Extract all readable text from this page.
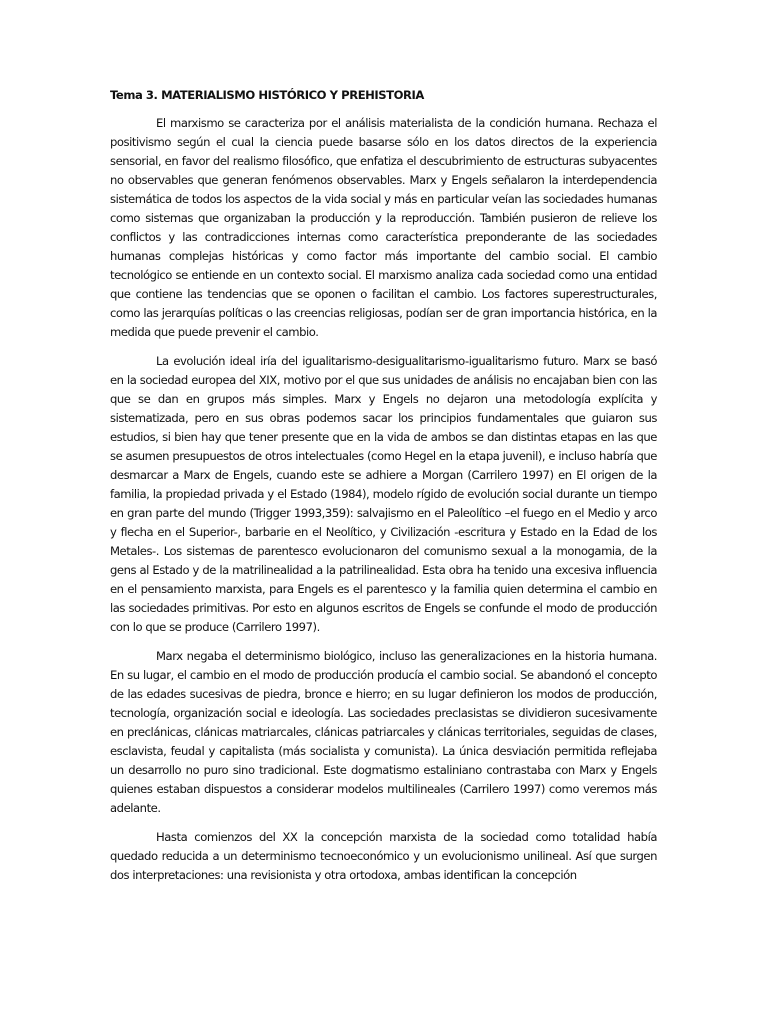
Tema 3. MATERIALISMO HISTÓRICO Y PREHISTORIA

El marxismo se caracteriza por el análisis materialista de la condición humana. Rechaza el positivismo según el cual la ciencia puede basarse sólo en los datos directos de la experiencia sensorial, en favor del realismo filosófico, que enfatiza el descubrimiento de estructuras subyacentes no observables que generan fenómenos observables. Marx y Engels señalaron la interdependencia sistemática de todos los aspectos de la vida social y más en particular veían las sociedades humanas como sistemas que organizaban la producción y la reproducción. También pusieron de relieve los conflictos y las contradicciones internas como característica preponderante de las sociedades humanas complejas históricas y como factor más importante del cambio social. El cambio tecnológico se entiende en un contexto social. El marxismo analiza cada sociedad como una entidad que contiene las tendencias que se oponen o facilitan el cambio. Los factores superestructurales, como las jerarquías políticas o las creencias religiosas, podían ser de gran importancia histórica, en la medida que puede prevenir el cambio.

La evolución ideal iría del igualitarismo-desigualitarismo-igualitarismo futuro. Marx se basó en la sociedad europea del XIX, motivo por el que sus unidades de análisis no encajaban bien con las que se dan en grupos más simples. Marx y Engels no dejaron una metodología explícita y sistematizada, pero en sus obras podemos sacar los principios fundamentales que guiaron sus estudios, si bien hay que tener presente que en la vida de ambos se dan distintas etapas en las que se asumen presupuestos de otros intelectuales (como Hegel en la etapa juvenil), e incluso habría que desmarcar a Marx de Engels, cuando este se adhiere a Morgan (Carrilero 1997) en El origen de la familia, la propiedad privada y el Estado (1984), modelo rígido de evolución social durante un tiempo en gran parte del mundo (Trigger 1993,359): salvajismo en el Paleolítico –el fuego en el Medio y arco y flecha en el Superior-, barbarie en el Neolítico, y Civilización -escritura y Estado en la Edad de los Metales-. Los sistemas de parentesco evolucionaron del comunismo sexual a la monogamia, de la gens al Estado y de la matrilinealidad a la patrilinealidad. Esta obra ha tenido una excesiva influencia en el pensamiento marxista, para Engels es el parentesco y la familia quien determina el cambio en las sociedades primitivas. Por esto en algunos escritos de Engels se confunde el modo de producción con lo que se produce (Carrilero 1997).

Marx negaba el determinismo biológico, incluso las generalizaciones en la historia humana. En su lugar, el cambio en el modo de producción producía el cambio social. Se abandonó el concepto de las edades sucesivas de piedra, bronce e hierro; en su lugar definieron los modos de producción, tecnología, organización social e ideología. Las sociedades preclasistas se dividieron sucesivamente en preclánicas, clánicas matriarcales, clánicas patriarcales y clánicas territoriales, seguidas de clases, esclavista, feudal y capitalista (más socialista y comunista). La única desviación permitida reflejaba un desarrollo no puro sino tradicional. Este dogmatismo estaliniano contrastaba con Marx y Engels quienes estaban dispuestos a considerar modelos multilineales (Carrilero 1997) como veremos más adelante.

Hasta comienzos del XX la concepción marxista de la sociedad como totalidad había quedado reducida a un determinismo tecnoeconómico y un evolucionismo unilineal. Así que surgen dos interpretaciones: una revisionista y otra ortodoxa, ambas identifican la concepción
